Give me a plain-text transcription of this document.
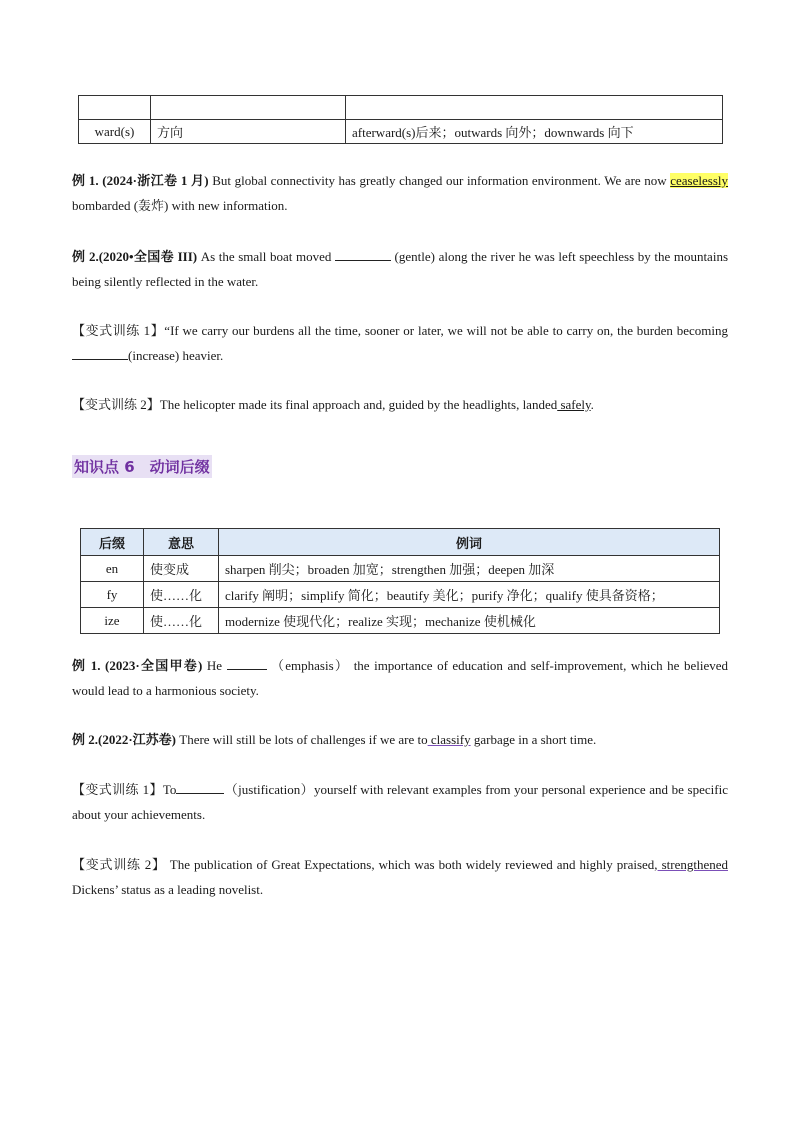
ward(s)	方向	afterward(s)后来；outwards 向外；downwards 向下

例 1. (2024·浙江卷 1 月) But global connectivity has greatly changed our information environment. We are now ceaselessly bombarded (轰炸) with new information.

例 2.(2020•全国卷 III) As the small boat moved	(gentle) along the river he was left speechless by the mountains being silently reflected in the water.

【变式训练 1】“If we carry our burdens all the time, sooner or later, we will not be able to carry on, the burden becoming (increase) heavier.

【变式训练 2】The helicopter made its final approach and, guided by the headlights, landed safely.

知识点 6　动词后缀
后缀	意思	例词
en	使变成	sharpen 削尖；broaden 加宽；strengthen 加强；deepen 加深
fy	使……化	clarify 阐明；simplify 简化；beautify 美化；purify 净化；qualify 使具备资格；
ize	使……化	modernize 使现代化；realize 实现；mechanize 使机械化

例 1. (2023·全国甲卷) He	（emphasis） the importance of education and self-improvement, which he believed would lead to a harmonious society.

例 2.(2022·江苏卷) There will still be lots of challenges if we are to classify garbage in a short time.

【变式训练 1】To	（justification）yourself with relevant examples from your personal experience and be specific about your achievements.

【变式训练 2】 The publication of Great Expectations, which was both widely reviewed and highly praised, strengthened Dickens’ status as a leading novelist.
